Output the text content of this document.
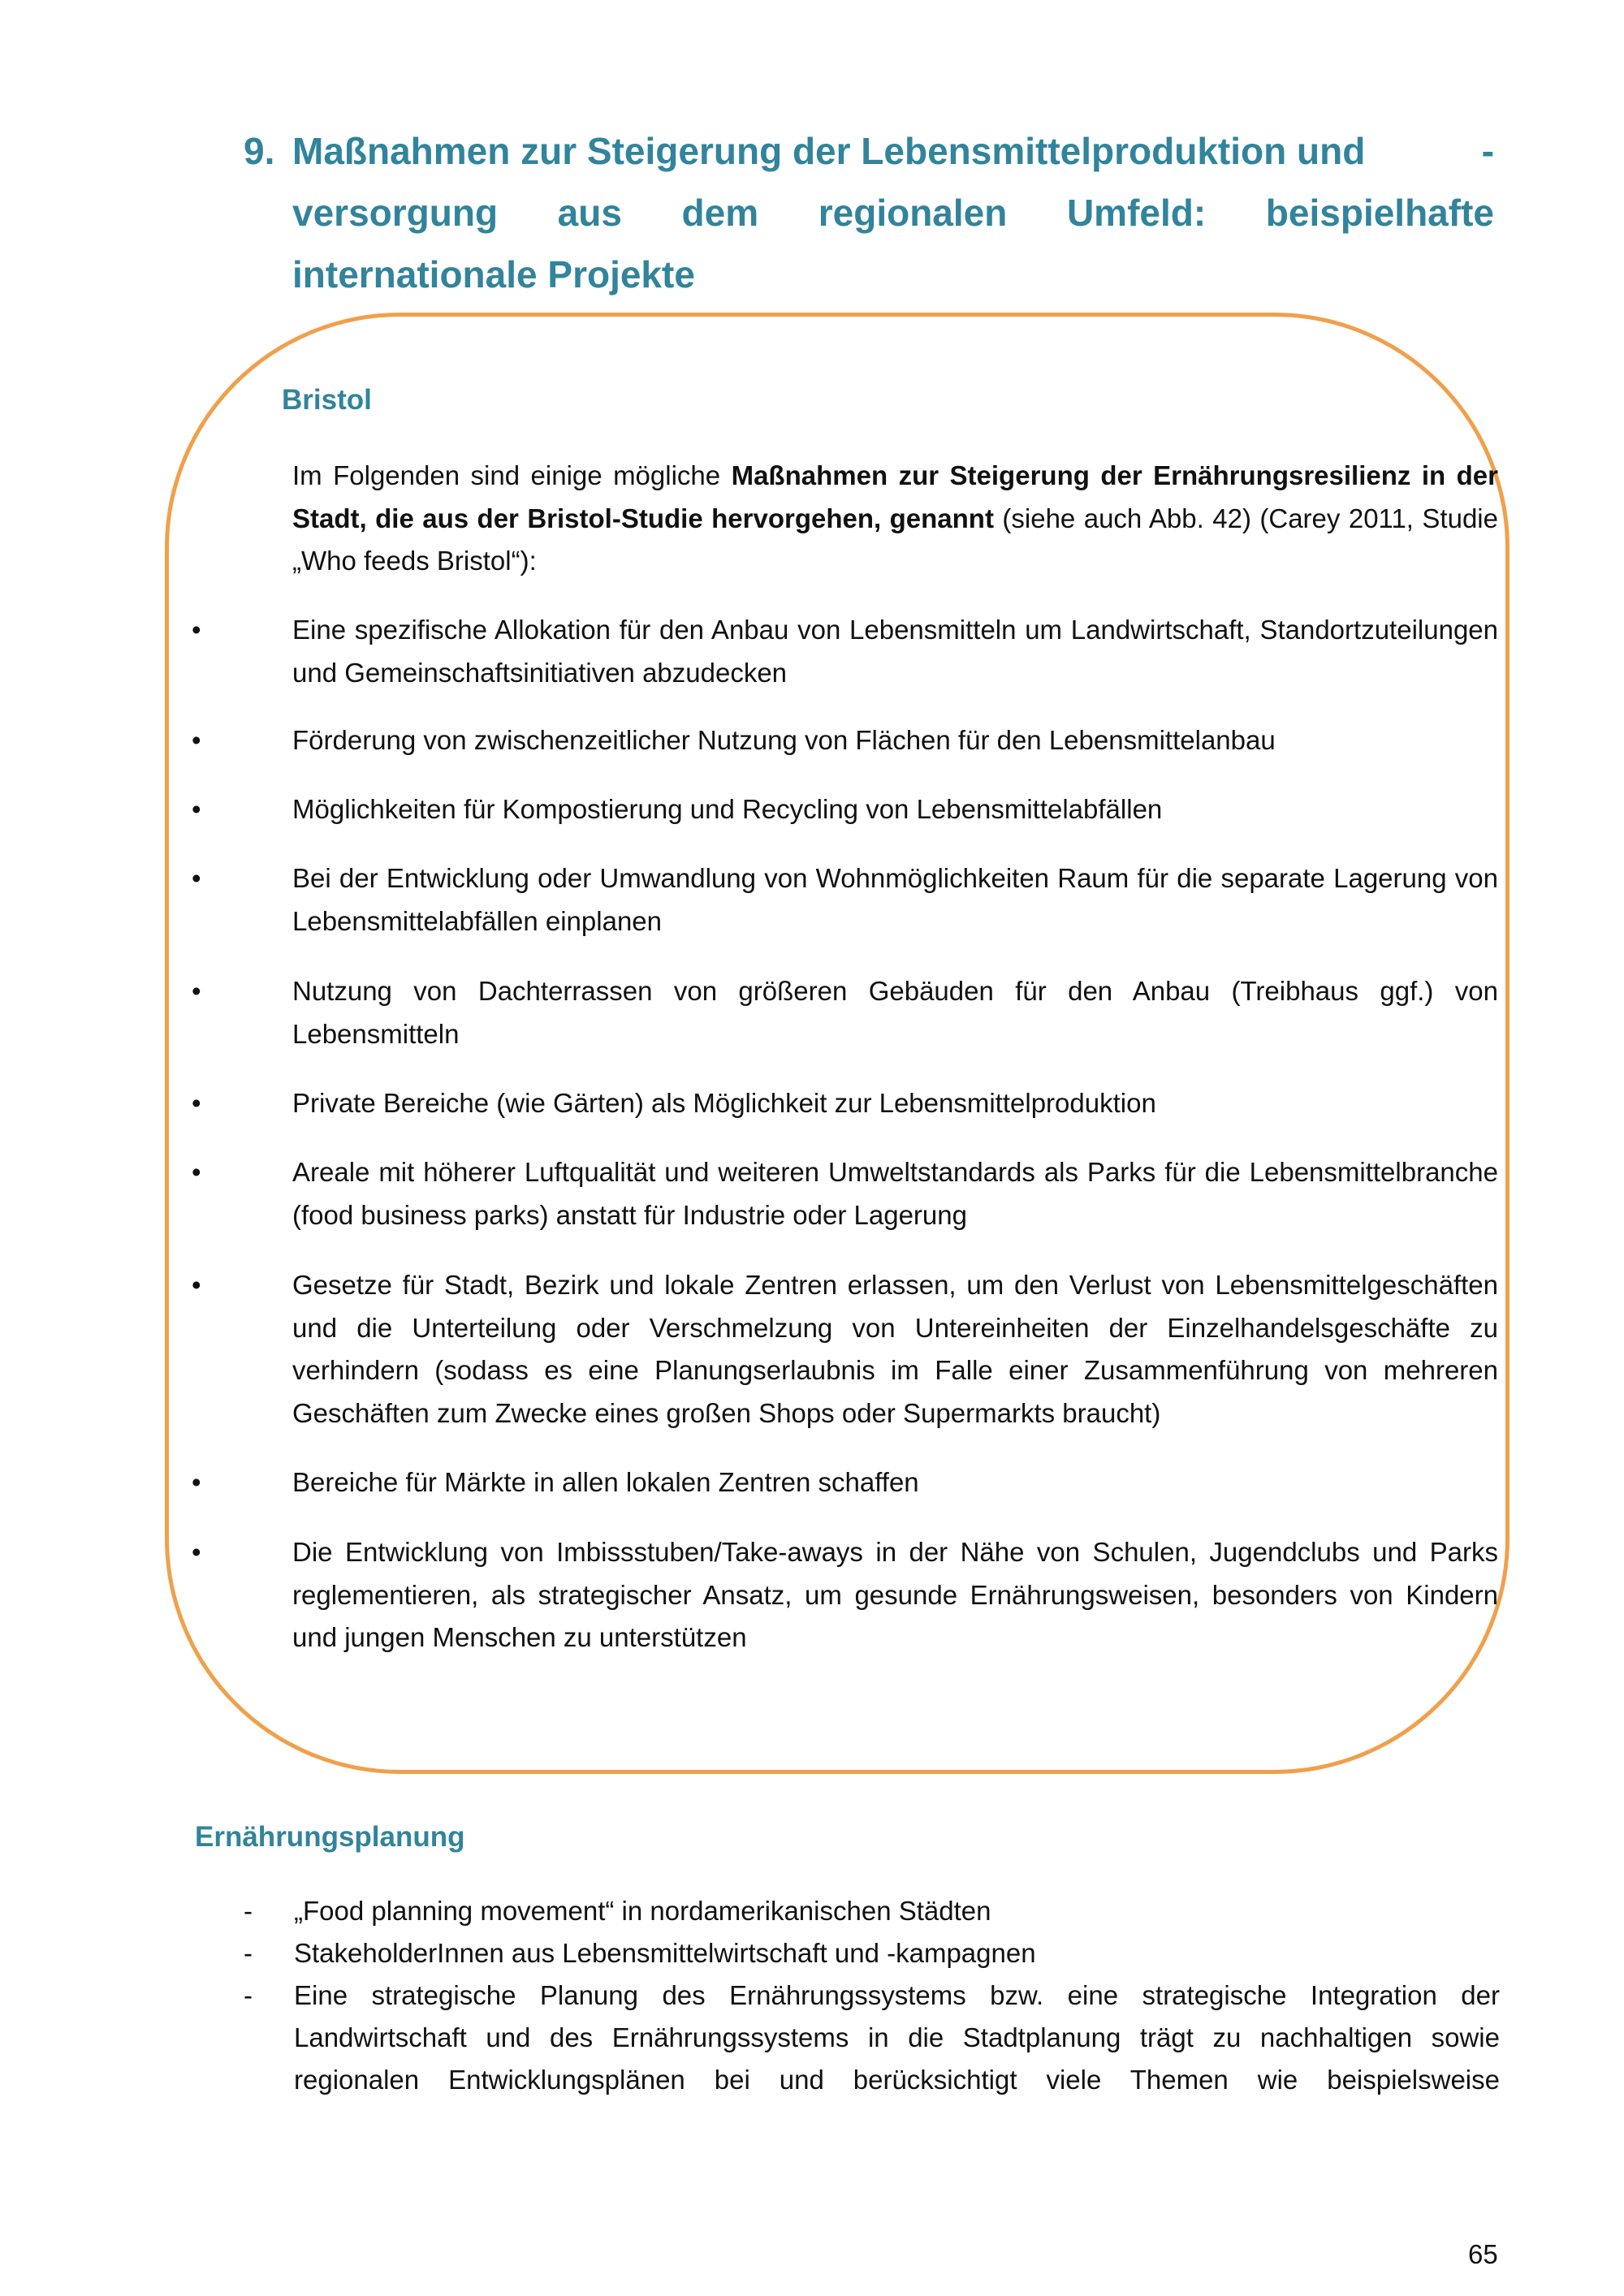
9. Maßnahmen zur Steigerung der Lebensmittelproduktion und	-
versorgung aus dem regionalen Umfeld: beispielhafte
internationale Projekte
Bristol
Im Folgenden sind einige mögliche Maßnahmen zur Steigerung der Ernährungsresilienz in der Stadt, die aus der Bristol-Studie hervorgehen, genannt (siehe auch Abb. 42) (Carey 2011, Studie „Who feeds Bristol“):
•	Eine spezifische Allokation für den Anbau von Lebensmitteln um Landwirtschaft, Standortzuteilungen und Gemeinschaftsinitiativen abzudecken
•	Förderung von zwischenzeitlicher Nutzung von Flächen für den Lebensmittelanbau
•	Möglichkeiten für Kompostierung und Recycling von Lebensmittelabfällen
•	Bei der Entwicklung oder Umwandlung von Wohnmöglichkeiten Raum für die separate Lagerung von Lebensmittelabfällen einplanen
•	Nutzung von Dachterrassen von größeren Gebäuden für den Anbau (Treibhaus ggf.) von Lebensmitteln
•	Private Bereiche (wie Gärten) als Möglichkeit zur Lebensmittelproduktion
•	Areale mit höherer Luftqualität und weiteren Umweltstandards als Parks für die Lebensmittelbranche (food business parks) anstatt für Industrie oder Lagerung
•	Gesetze für Stadt, Bezirk und lokale Zentren erlassen, um den Verlust von Lebensmittelgeschäften und die Unterteilung oder Verschmelzung von Untereinheiten der Einzelhandelsgeschäfte zu verhindern (sodass es eine Planungserlaubnis im Falle einer Zusammenführung von mehreren Geschäften zum Zwecke eines großen Shops oder Supermarkts braucht)
•	Bereiche für Märkte in allen lokalen Zentren schaffen
•	Die Entwicklung von Imbissstuben/Take-aways in der Nähe von Schulen, Jugendclubs und Parks reglementieren, als strategischer Ansatz, um gesunde Ernährungsweisen, besonders von Kindern und jungen Menschen zu unterstützen
Ernährungsplanung
- „Food planning movement“ in nordamerikanischen Städten
- StakeholderInnen aus Lebensmittelwirtschaft und -kampagnen
- Eine strategische Planung des Ernährungssystems bzw. eine strategische Integration der Landwirtschaft und des Ernährungssystems in die Stadtplanung trägt zu nachhaltigen sowie regionalen Entwicklungsplänen bei und berücksichtigt viele Themen wie beispielsweise
65
